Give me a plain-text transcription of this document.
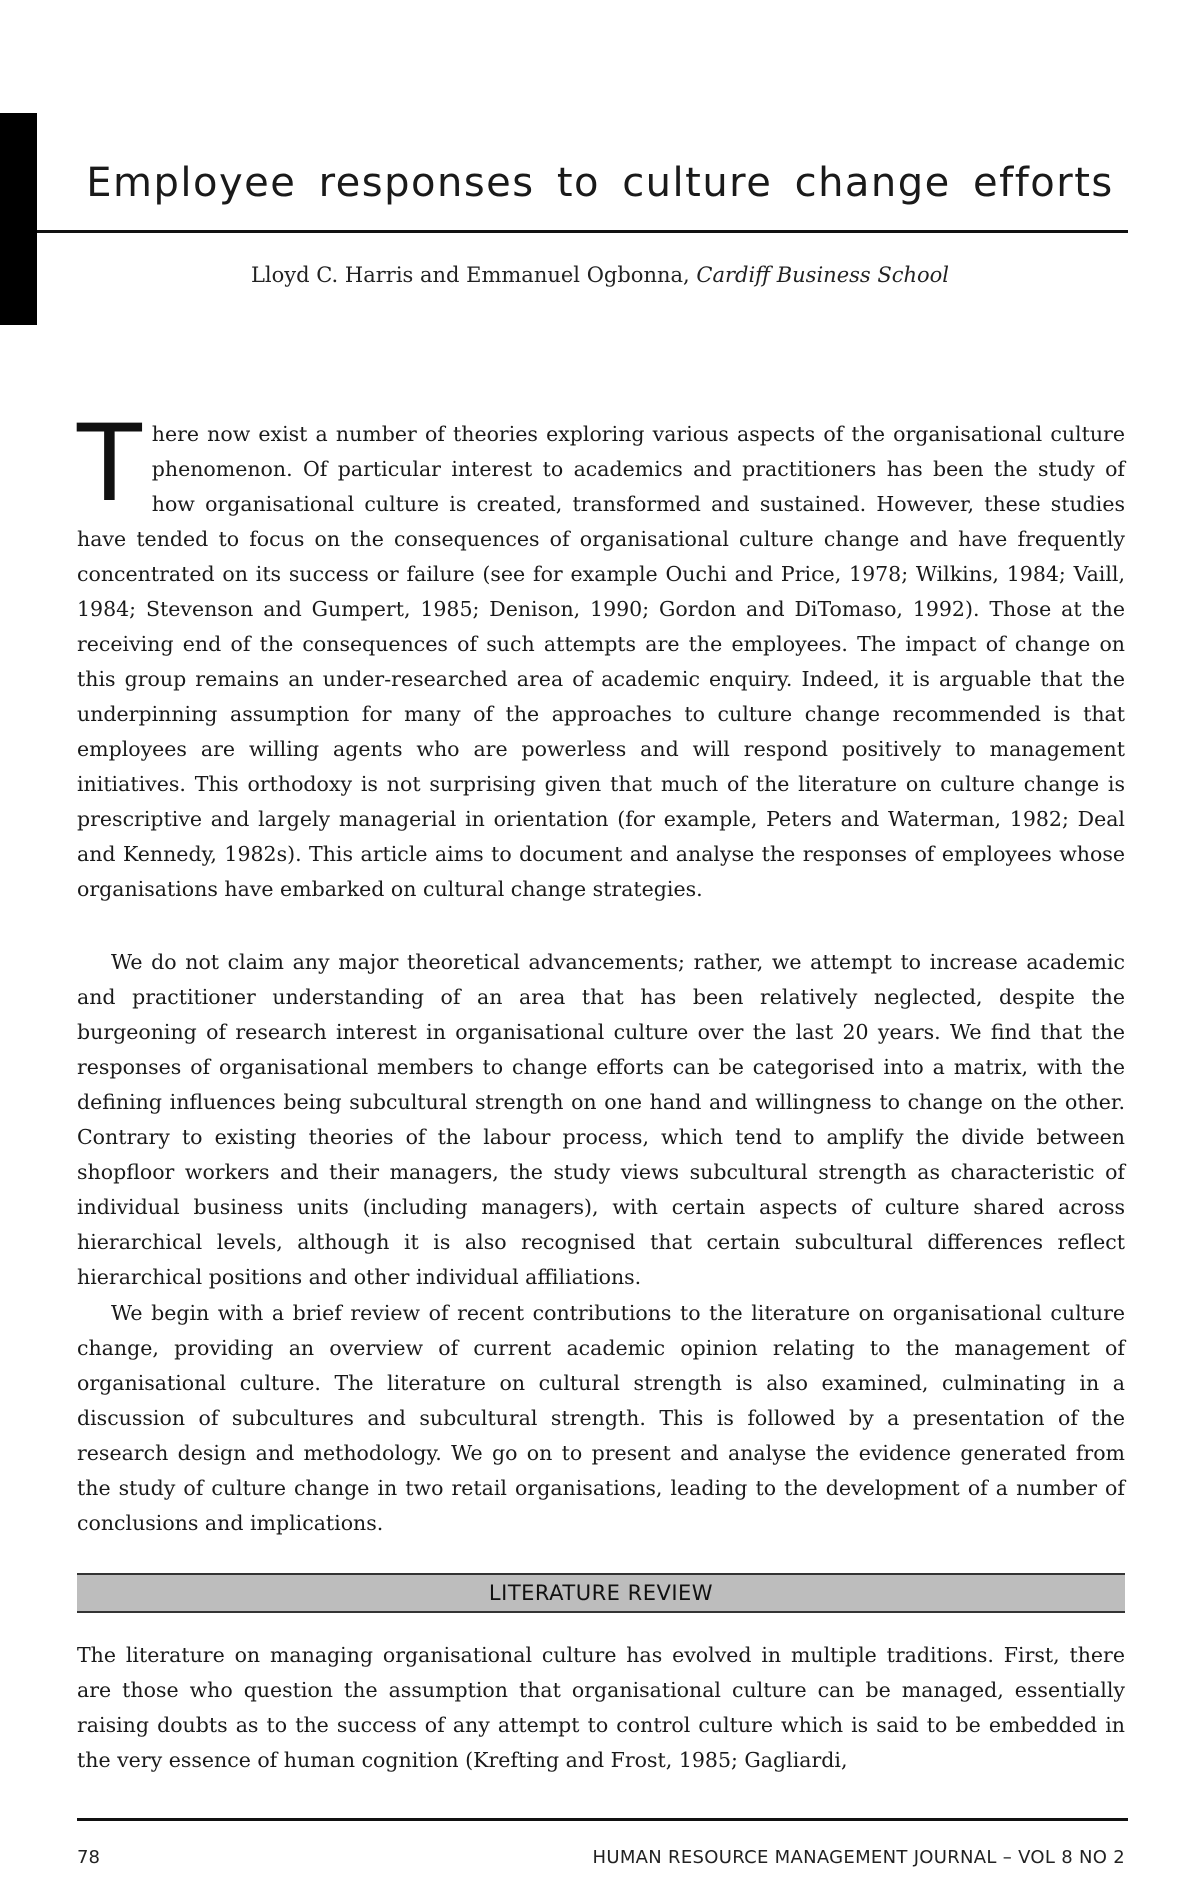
Employee responses to culture change efforts
Lloyd C. Harris and Emmanuel Ogbonna, Cardiff Business School

There now exist a number of theories exploring various aspects of the organisational culture phenomenon. Of particular interest to academics and practitioners has been the study of how organisational culture is created, transformed and sustained. However, these studies have tended to focus on the consequences of organisational culture change and have frequently concentrated on its success or failure (see for example Ouchi and Price, 1978; Wilkins, 1984; Vaill, 1984; Stevenson and Gumpert, 1985; Denison, 1990; Gordon and DiTomaso, 1992). Those at the receiving end of the consequences of such attempts are the employees. The impact of change on this group remains an under-researched area of academic enquiry. Indeed, it is arguable that the underpinning assumption for many of the approaches to culture change recommended is that employees are willing agents who are powerless and will respond positively to management initiatives. This orthodoxy is not surprising given that much of the literature on culture change is prescriptive and largely managerial in orientation (for example, Peters and Waterman, 1982; Deal and Kennedy, 1982s). This article aims to document and analyse the responses of employees whose organisations have embarked on cultural change strategies.

We do not claim any major theoretical advancements; rather, we attempt to increase academic and practitioner understanding of an area that has been relatively neglected, despite the burgeoning of research interest in organisational culture over the last 20 years. We find that the responses of organisational members to change efforts can be categorised into a matrix, with the defining influences being subcultural strength on one hand and willingness to change on the other. Contrary to existing theories of the labour process, which tend to amplify the divide between shopfloor workers and their managers, the study views subcultural strength as characteristic of individual business units (including managers), with certain aspects of culture shared across hierarchical levels, although it is also recognised that certain subcultural differences reflect hierarchical positions and other individual affiliations.

We begin with a brief review of recent contributions to the literature on organisational culture change, providing an overview of current academic opinion relating to the management of organisational culture. The literature on cultural strength is also examined, culminating in a discussion of subcultures and subcultural strength. This is followed by a presentation of the research design and methodology. We go on to present and analyse the evidence generated from the study of culture change in two retail organisations, leading to the development of a number of conclusions and implications.

LITERATURE REVIEW

The literature on managing organisational culture has evolved in multiple traditions. First, there are those who question the assumption that organisational culture can be managed, essentially raising doubts as to the success of any attempt to control culture which is said to be embedded in the very essence of human cognition (Krefting and Frost, 1985; Gagliardi,

78	HUMAN RESOURCE MANAGEMENT JOURNAL – VOL 8 NO 2
